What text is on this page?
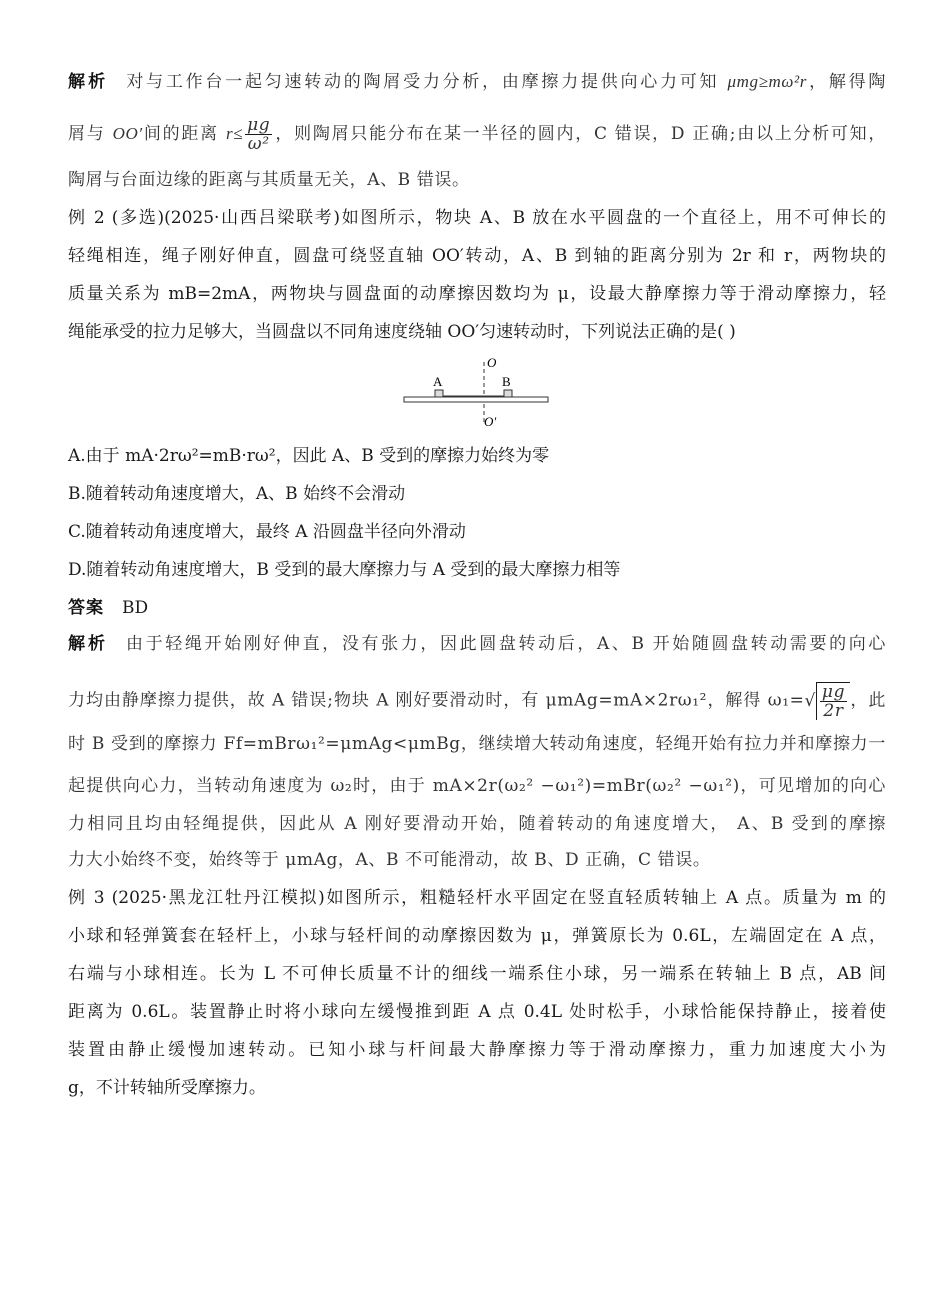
解析 对与工作台一起匀速转动的陶屑受力分析，由摩擦力提供向心力可知 μmg≥mω²r，解得陶
屑与 OO′间的距离 $r\le \frac{\mu g}{\text{ω²}}$ ，则陶屑只能分布在某一半径的圆内，C 错误，D 正确;由以上分析可知，
陶屑与台面边缘的距离与其质量无关，A、B 错误。
例 2 (多选)(2025·山西吕梁联考)如图所示，物块 A、B 放在水平圆盘的一个直径上，用不可伸长的
轻绳相连，绳子刚好伸直，圆盘可绕竖直轴 OO′转动，A、B 到轴的距离分别为 2r 和 r，两物块的
质量关系为 mB=2mA，两物块与圆盘面的动摩擦因数均为 μ，设最大静摩擦力等于滑动摩擦力，轻
绳能承受的拉力足够大，当圆盘以不同角速度绕轴 OO′匀速转动时，下列说法正确的是( )
O
A	B
O′
A.由于 mA·2rω²=mB·rω²，因此 A、B 受到的摩擦力始终为零
B.随着转动角速度增大，A、B 始终不会滑动
C.随着转动角速度增大，最终 A 沿圆盘半径向外滑动
D.随着转动角速度增大，B 受到的最大摩擦力与 A 受到的最大摩擦力相等
答案 BD
解析 由于轻绳开始刚好伸直，没有张力，因此圆盘转动后，A、B 开始随圆盘转动需要的向心
力均由静摩擦力提供，故 A 错误;物块 A 刚好要滑动时，有 μmAg=mA×2rω₁²，解得 ω₁=√ μg
2r
，此
时 B 受到的摩擦力 Ff=mBrω₁²=μmAg<μmBg，继续增大转动角速度，轻绳开始有拉力并和摩擦力一
起提供向心力，当转动角速度为 ω₂时，由于 mA×2r(ω₂² −ω₁²)=mBr(ω₂² −ω₁²)，可见增加的向心
力相同且均由轻绳提供，因此从 A 刚好要滑动开始，随着转动的角速度增大， A、B 受到的摩擦
力大小始终不变，始终等于 μmAg，A、B 不可能滑动，故 B、D 正确，C 错误。
例 3 (2025·黑龙江牡丹江模拟)如图所示，粗糙轻杆水平固定在竖直轻质转轴上 A 点。质量为 m 的
小球和轻弹簧套在轻杆上，小球与轻杆间的动摩擦因数为 μ，弹簧原长为 0.6L，左端固定在 A 点，
右端与小球相连。长为 L 不可伸长质量不计的细线一端系住小球，另一端系在转轴上 B 点，AB 间
距离为 0.6L。装置静止时将小球向左缓慢推到距 A 点 0.4L 处时松手，小球恰能保持静止，接着使
装置由静止缓慢加速转动。已知小球与杆间最大静摩擦力等于滑动摩擦力，重力加速度大小为
g，不计转轴所受摩擦力。
